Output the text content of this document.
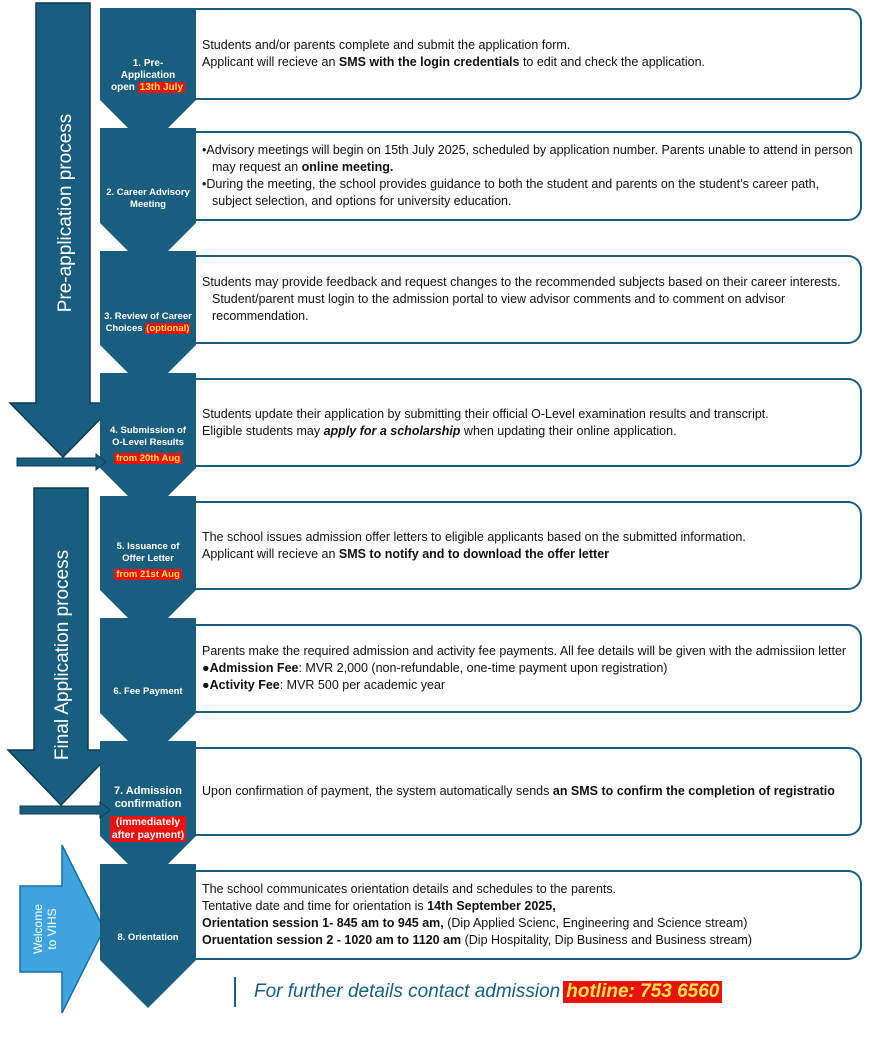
Pre-application process
Final Application process
Welcome
to VIHS
1. Pre-
Application
open 13th July
2. Career Advisory
Meeting
3. Review of Career
Choices (optional)
4. Submission of
O-Level Results
from 20th Aug
5. Issuance of
Offer Letter
from 21st Aug
6. Fee Payment
7. Admission
confirmation
(immediately
after payment)
8. Orientation

Students and/or parents complete and submit the application form.

Applicant will recieve an SMS with the login credentials to edit and check the application.

•Advisory meetings will begin on 15th July 2025, scheduled by application number. Parents unable to attend in person may request an online meeting.

•During the meeting, the school provides guidance to both the student and parents on the student’s career path, subject selection, and options for university education.

Students may provide feedback and request changes to the recommended subjects based on their career interests. Student/parent must login to the admission portal to view advisor comments and to comment on advisor recommendation.

Students update their application by submitting their official O-Level examination results and transcript.

Eligible students may apply for a scholarship when updating their online application.

The school issues admission offer letters to eligible applicants based on the submitted information.

Applicant will recieve an SMS to notify and to download the offer letter

Parents make the required admission and activity fee payments. All fee details will be given with the admissiion letter

●Admission Fee: MVR 2,000 (non-refundable, one-time payment upon registration)

●Activity Fee: MVR 500 per academic year

Upon confirmation of payment, the system automatically sends an SMS to confirm the completion of registratio

The school communicates orientation details and schedules to the parents.

Tentative date and time for orientation is 14th September 2025,

Orientation session 1- 845 am to 945 am, (Dip Applied Scienc, Engineering and Science stream)

Oruentation session 2 - 1020 am to 1120 am (Dip Hospitality, Dip Business and Business stream)

For further details contact admission hotline: 753 6560
